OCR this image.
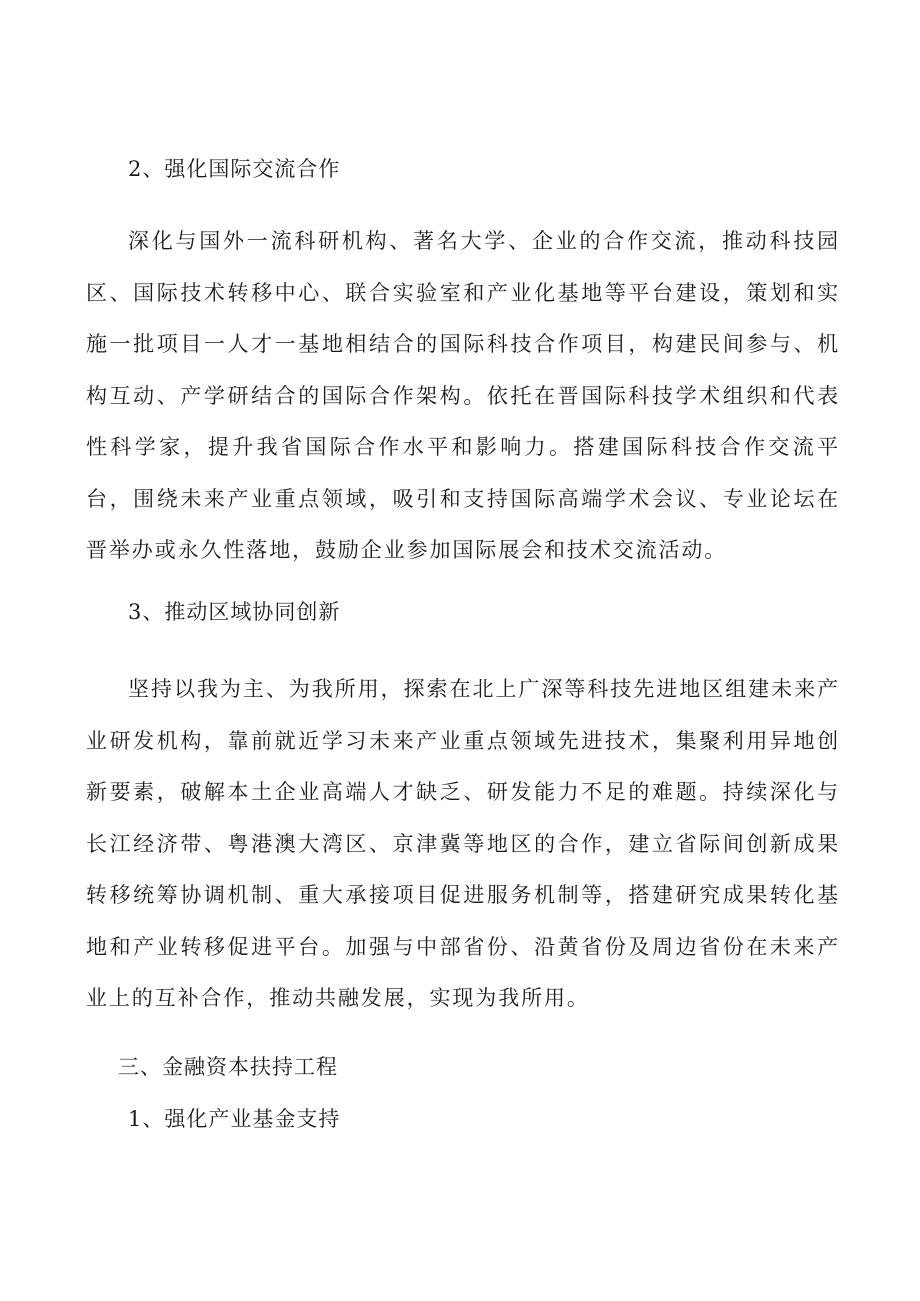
2、强化国际交流合作

深化与国外一流科研机构、著名大学、企业的合作交流，推动科技园区、国际技术转移中心、联合实验室和产业化基地等平台建设，策划和实施一批项目一人才一基地相结合的国际科技合作项目，构建民间参与、机构互动、产学研结合的国际合作架构。依托在晋国际科技学术组织和代表性科学家，提升我省国际合作水平和影响力。搭建国际科技合作交流平台，围绕未来产业重点领域，吸引和支持国际高端学术会议、专业论坛在晋举办或永久性落地，鼓励企业参加国际展会和技术交流活动。

3、推动区域协同创新

坚持以我为主、为我所用，探索在北上广深等科技先进地区组建未来产业研发机构，靠前就近学习未来产业重点领域先进技术，集聚利用异地创新要素，破解本土企业高端人才缺乏、研发能力不足的难题。持续深化与长江经济带、粤港澳大湾区、京津冀等地区的合作，建立省际间创新成果转移统筹协调机制、重大承接项目促进服务机制等，搭建研究成果转化基地和产业转移促进平台。加强与中部省份、沿黄省份及周边省份在未来产业上的互补合作，推动共融发展，实现为我所用。

三、金融资本扶持工程
1、强化产业基金支持
